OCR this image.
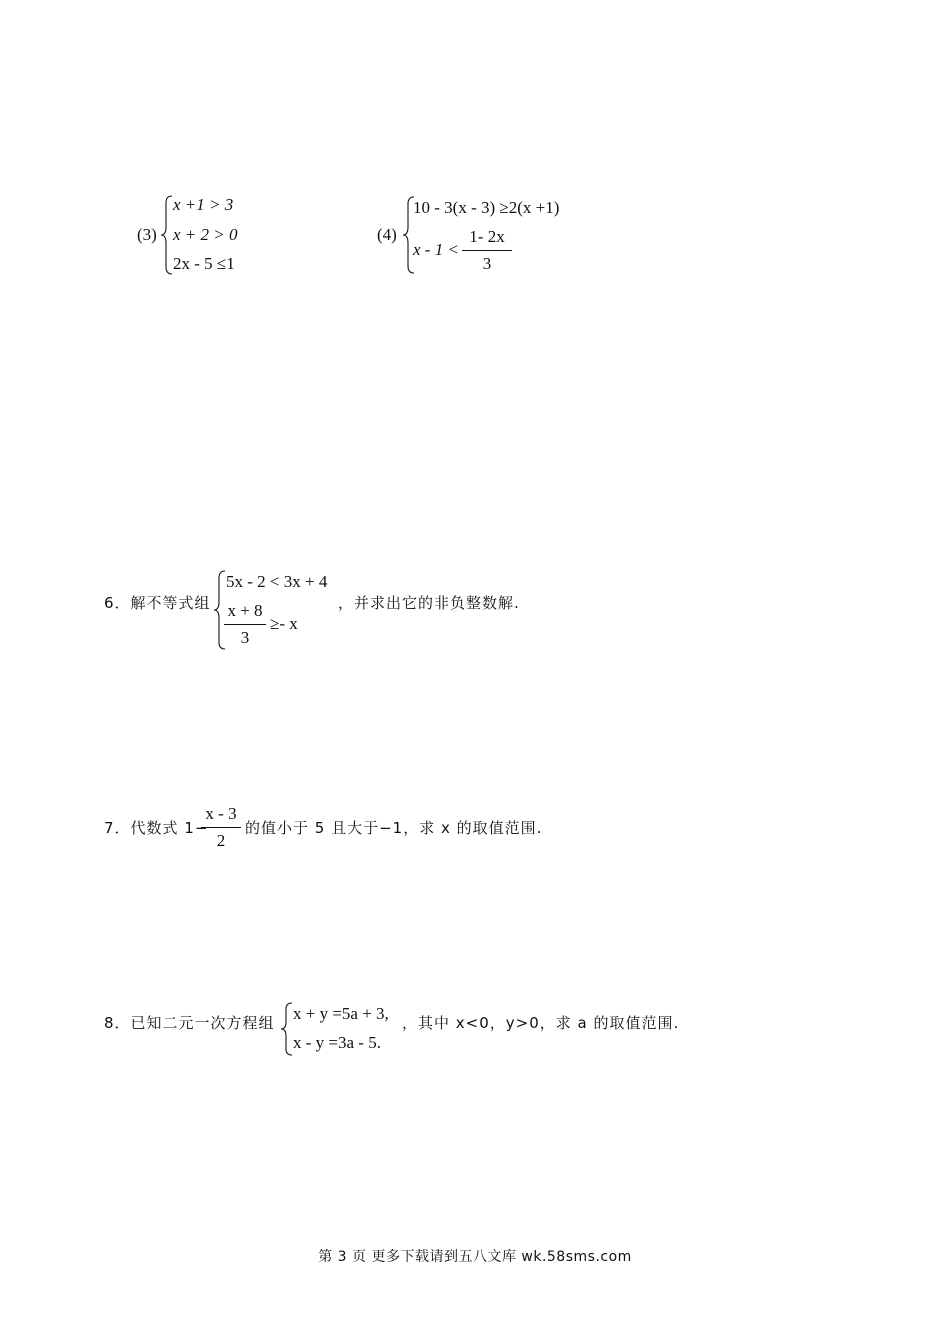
(3)
x +1 > 3
x + 2 > 0
2x - 5 ≤1
(4)
10 - 3(x - 3) ≥2(x +1)
x - 1 <
1- 2x
3
6．解不等式组
5x - 2 < 3x + 4
x + 8
3
≥- x
，并求出它的非负整数解.
7．代数式 1−
x - 3
2
的值小于 5 且大于−1，求 x 的取值范围.
8．已知二元一次方程组 x + y =5a + 3,
x - y =3a - 5.
，其中 x<0，y>0，求 a 的取值范围.
第 3 页 更多下载请到五八文库 wk.58sms.com
